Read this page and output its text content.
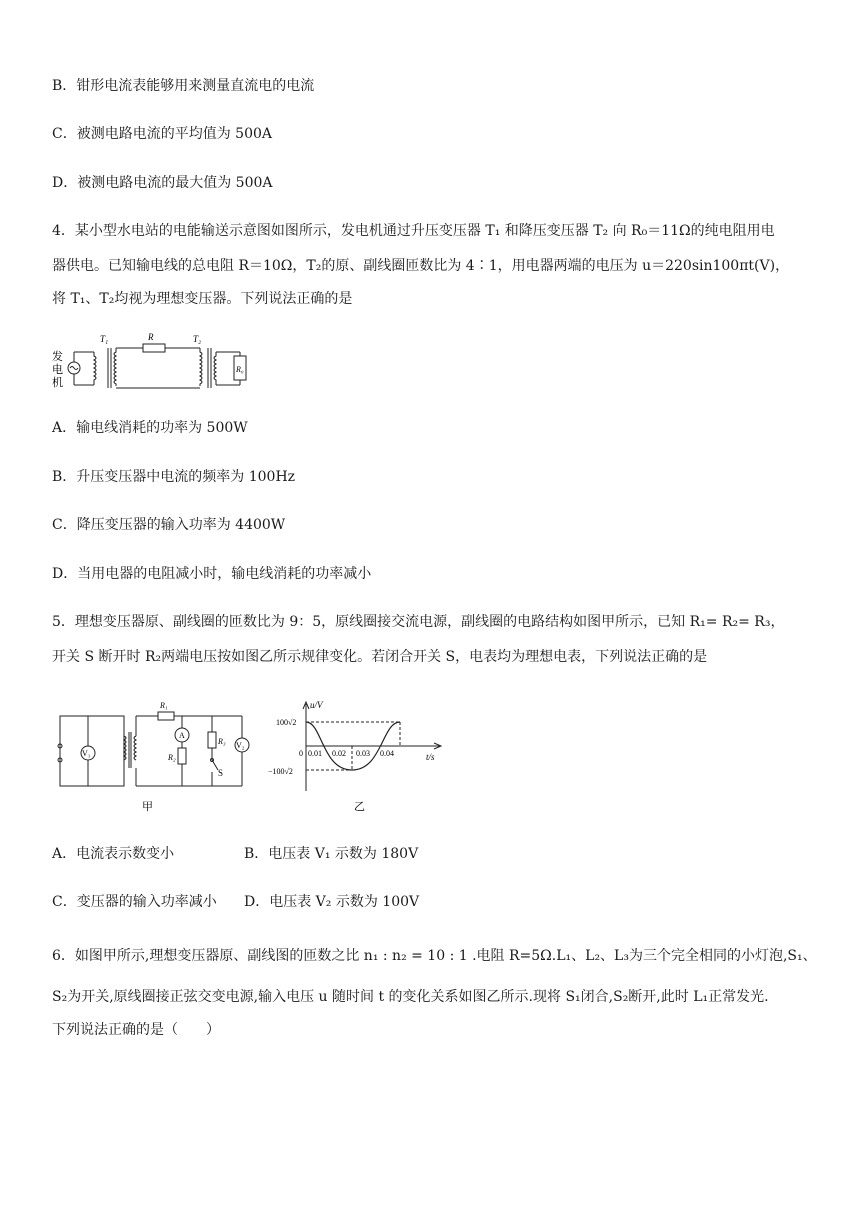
B．钳形电流表能够用来测量直流电的电流
C．被测电路电流的平均值为 500A
D．被测电路电流的最大值为 500A
4．某小型水电站的电能输送示意图如图所示，发电机通过升压变压器 T₁ 和降压变压器 T₂ 向 R₀＝11Ω的纯电阻用电
器供电。已知输电线的总电阻 R＝10Ω，T₂的原、副线圈匝数比为 4∶1，用电器两端的电压为 u＝220sin100πt(V)，
将 T₁、T₂均视为理想变压器。下列说法正确的是
发
电
机
T₁	R	T₂
R₀
A．输电线消耗的功率为 500W
B．升压变压器中电流的频率为 100Hz
C．降压变压器的输入功率为 4400W
D．当用电器的电阻减小时，输电线消耗的功率减小
5．理想变压器原、副线圈的匝数比为 9：5，原线圈接交流电源，副线圈的电路结构如图甲所示，已知 R₁= R₂= R₃，
开关 S 断开时 R₂两端电压按如图乙所示规律变化。若闭合开关 S，电表均为理想电表，下列说法正确的是
V₁
R₁
A
R₂
R₃
S
V₂
甲
u/V
t/s
100√2
−100√2
0 0.01 0.02 0.03 0.04
乙
A．电流表示数变小	B．电压表 V₁ 示数为 180V
C．变压器的输入功率减小 D．电压表 V₂ 示数为 100V
6．如图甲所示,理想变压器原、副线图的匝数之比 n₁ : n₂ = 10 : 1 .电阻 R=5Ω.L₁、L₂、L₃为三个完全相同的小灯泡,S₁、
S₂为开关,原线圈接正弦交变电源,输入电压 u 随时间 t 的变化关系如图乙所示.现将 S₁闭合,S₂断开,此时 L₁正常发光.
下列说法正确的是（　　）
